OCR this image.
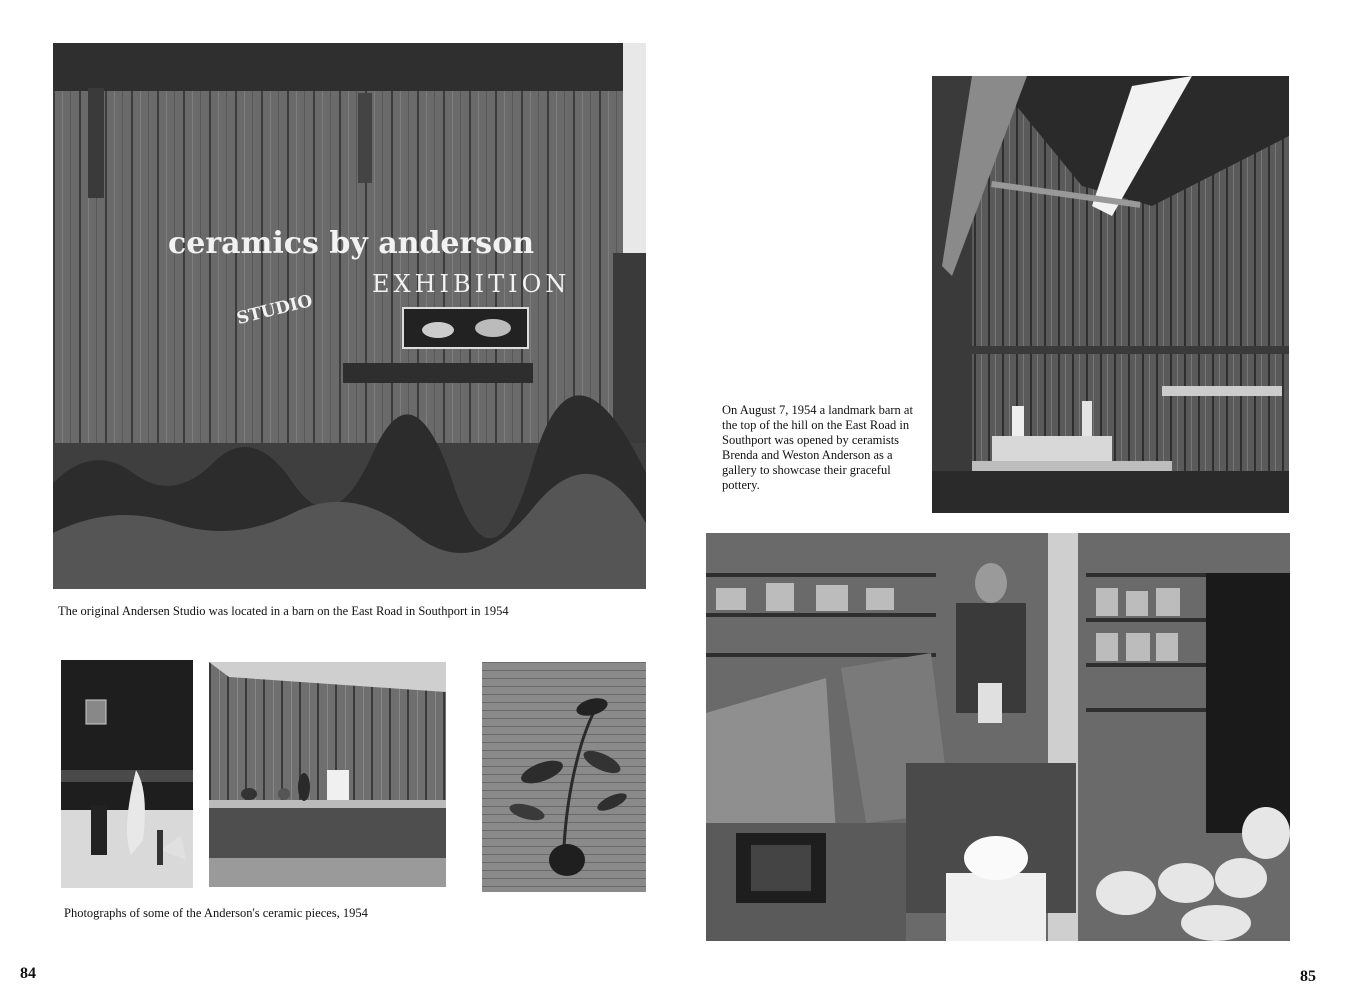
ceramics by anderson
EXHIBITION
STUDIO
The original Andersen Studio was located in a barn on the East Road in Southport in 1954
Photographs of some of the Anderson's ceramic pieces, 1954
84
On August 7, 1954 a landmark barn at the top of the hill on the East Road in Southport was opened by ceramists Brenda and Weston Anderson as a gallery to showcase their graceful pottery.
85
